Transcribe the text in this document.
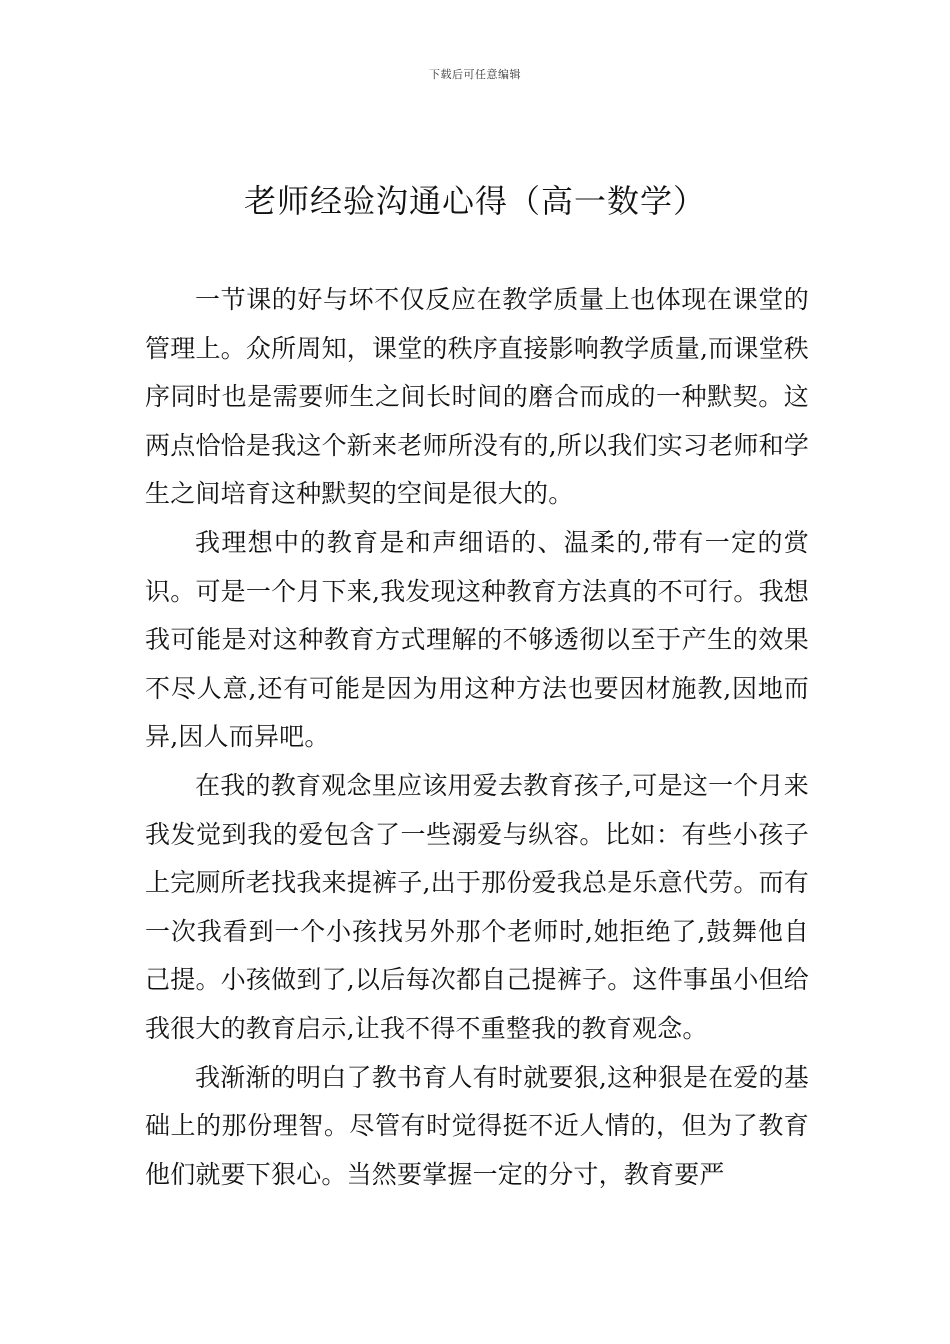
下载后可任意编辑
老师经验沟通心得（高一数学）

一节课的好与坏不仅反应在教学质量上也体现在课堂的管理上。众所周知，课堂的秩序直接影响教学质量,而课堂秩序同时也是需要师生之间长时间的磨合而成的一种默契。这两点恰恰是我这个新来老师所没有的,所以我们实习老师和学生之间培育这种默契的空间是很大的。

我理想中的教育是和声细语的、温柔的,带有一定的赏识。可是一个月下来,我发现这种教育方法真的不可行。我想我可能是对这种教育方式理解的不够透彻以至于产生的效果不尽人意,还有可能是因为用这种方法也要因材施教,因地而异,因人而异吧。

在我的教育观念里应该用爱去教育孩子,可是这一个月来我发觉到我的爱包含了一些溺爱与纵容。比如：有些小孩子上完厕所老找我来提裤子,出于那份爱我总是乐意代劳。而有一次我看到一个小孩找另外那个老师时,她拒绝了,鼓舞他自己提。小孩做到了,以后每次都自己提裤子。这件事虽小但给我很大的教育启示,让我不得不重整我的教育观念。

我渐渐的明白了教书育人有时就要狠,这种狠是在爱的基础上的那份理智。尽管有时觉得挺不近人情的，但为了教育他们就要下狠心。当然要掌握一定的分寸，教育要严
